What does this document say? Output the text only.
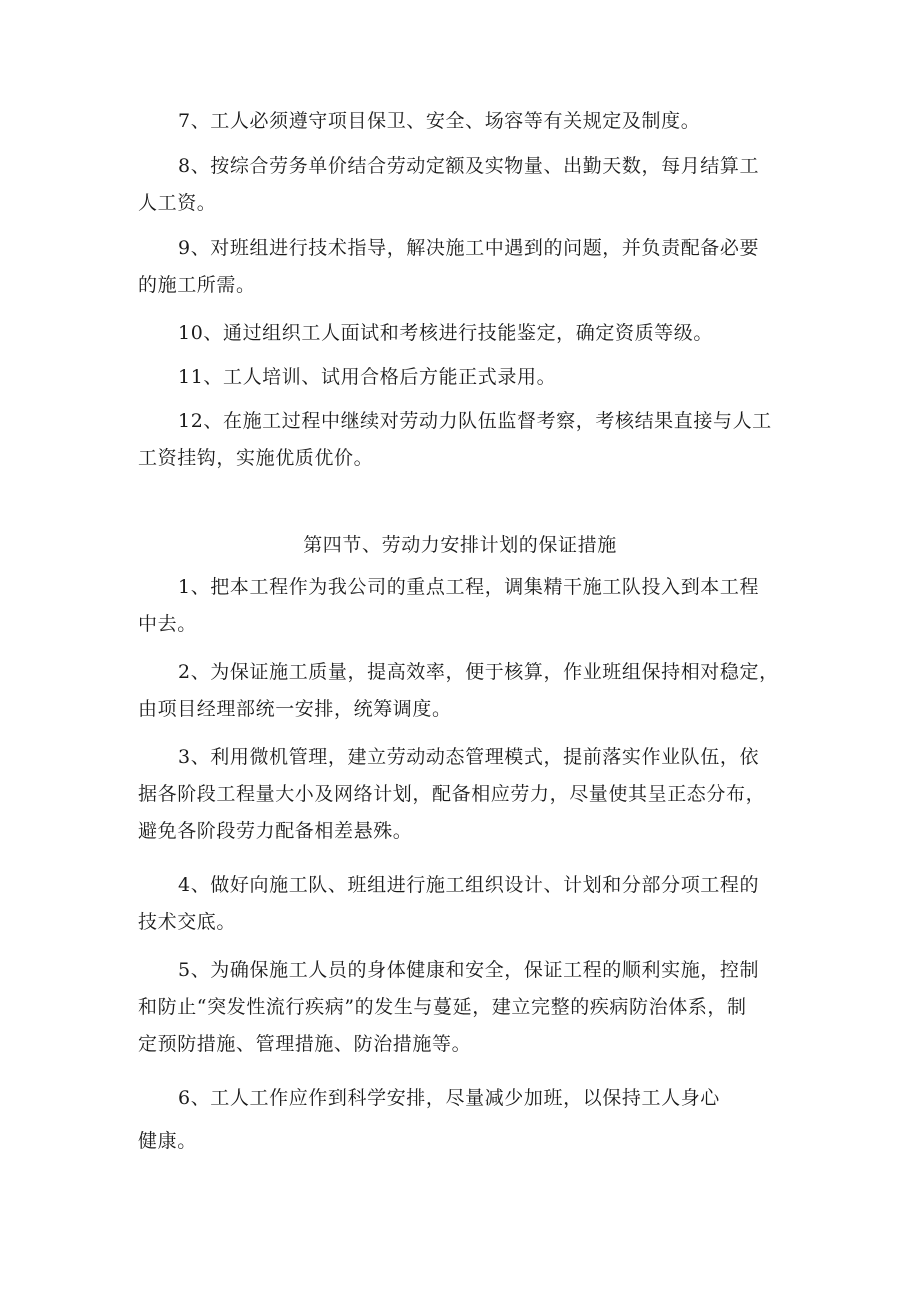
7、工人必须遵守项目保卫、安全、场容等有关规定及制度。

8、按综合劳务单价结合劳动定额及实物量、出勤天数，每月结算工
人工资。

9、对班组进行技术指导，解决施工中遇到的问题，并负责配备必要
的施工所需。

10、通过组织工人面试和考核进行技能鉴定，确定资质等级。

11、工人培训、试用合格后方能正式录用。

12、在施工过程中继续对劳动力队伍监督考察，考核结果直接与人工
工资挂钩，实施优质优价。

第四节、劳动力安排计划的保证措施

1、把本工程作为我公司的重点工程，调集精干施工队投入到本工程
中去。

2、为保证施工质量，提高效率，便于核算，作业班组保持相对稳定，
由项目经理部统一安排，统筹调度。

3、利用微机管理，建立劳动动态管理模式，提前落实作业队伍，依
据各阶段工程量大小及网络计划，配备相应劳力，尽量使其呈正态分布，
避免各阶段劳力配备相差悬殊。

4、做好向施工队、班组进行施工组织设计、计划和分部分项工程的
技术交底。

5、为确保施工人员的身体健康和安全，保证工程的顺利实施，控制
和防止“突发性流行疾病”的发生与蔓延，建立完整的疾病防治体系，制
定预防措施、管理措施、防治措施等。

6、工人工作应作到科学安排，尽量减少加班，以保持工人身心
健康。
